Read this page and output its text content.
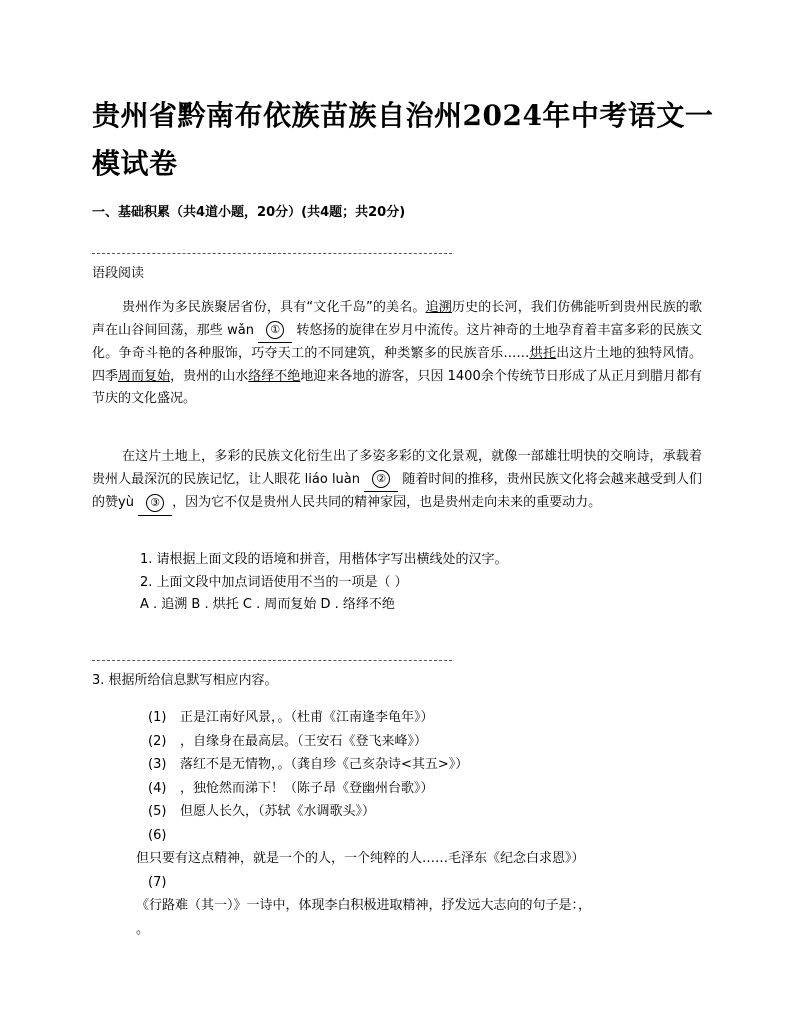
贵州省黔南布依族苗族自治州2024年中考语文一模试卷
一、基础积累（共4道小题，20分）(共4题；共20分)
语段阅读
贵州作为多民族聚居省份，具有“文化千岛”的美名。追溯历史的长河，我们仿佛能听到贵州民族的歌声在山谷间回荡，那些 wǎn ① 转悠扬的旋律在岁月中流传。这片神奇的土地孕育着丰富多彩的民族文化。争奇斗艳的各种服饰，巧夺天工的不同建筑，种类繁多的民族音乐……烘托出这片土地的独特风情。四季周而复始，贵州的山水络绎不绝地迎来各地的游客，只因 1400余个传统节日形成了从正月到腊月都有节庆的文化盛况。
在这片土地上，多彩的民族文化衍生出了多姿多彩的文化景观，就像一部雄壮明快的交响诗，承载着贵州人最深沉的民族记忆，让人眼花 liáo luàn ② 随着时间的推移，贵州民族文化将会越来越受到人们的赞yù ③ ，因为它不仅是贵州人民共同的精神家园，也是贵州走向未来的重要动力。
1. 请根据上面文段的语境和拼音，用楷体字写出横线处的汉字。
2. 上面文段中加点词语使用不当的一项是（ ）
A . 追溯 B . 烘托 C . 周而复始 D . 络绎不绝
3. 根据所给信息默写相应内容。
(1) 正是江南好风景，。（杜甫《江南逢李龟年》）
(2) ，自缘身在最高层。（王安石《登飞来峰》）
(3) 落红不是无情物，。（龚自珍《己亥杂诗<其五>》）
(4) ，独怆然而涕下！（陈子昂《登幽州台歌》）
(5) 但愿人长久，（苏轼《水调歌头》）
(6)
但只要有这点精神，就是一个的人，一个纯粹的人……毛泽东《纪念白求恩》）
(7)
《行路难（其一）》一诗中，体现李白积极进取精神，抒发远大志向的句子是：，
。
